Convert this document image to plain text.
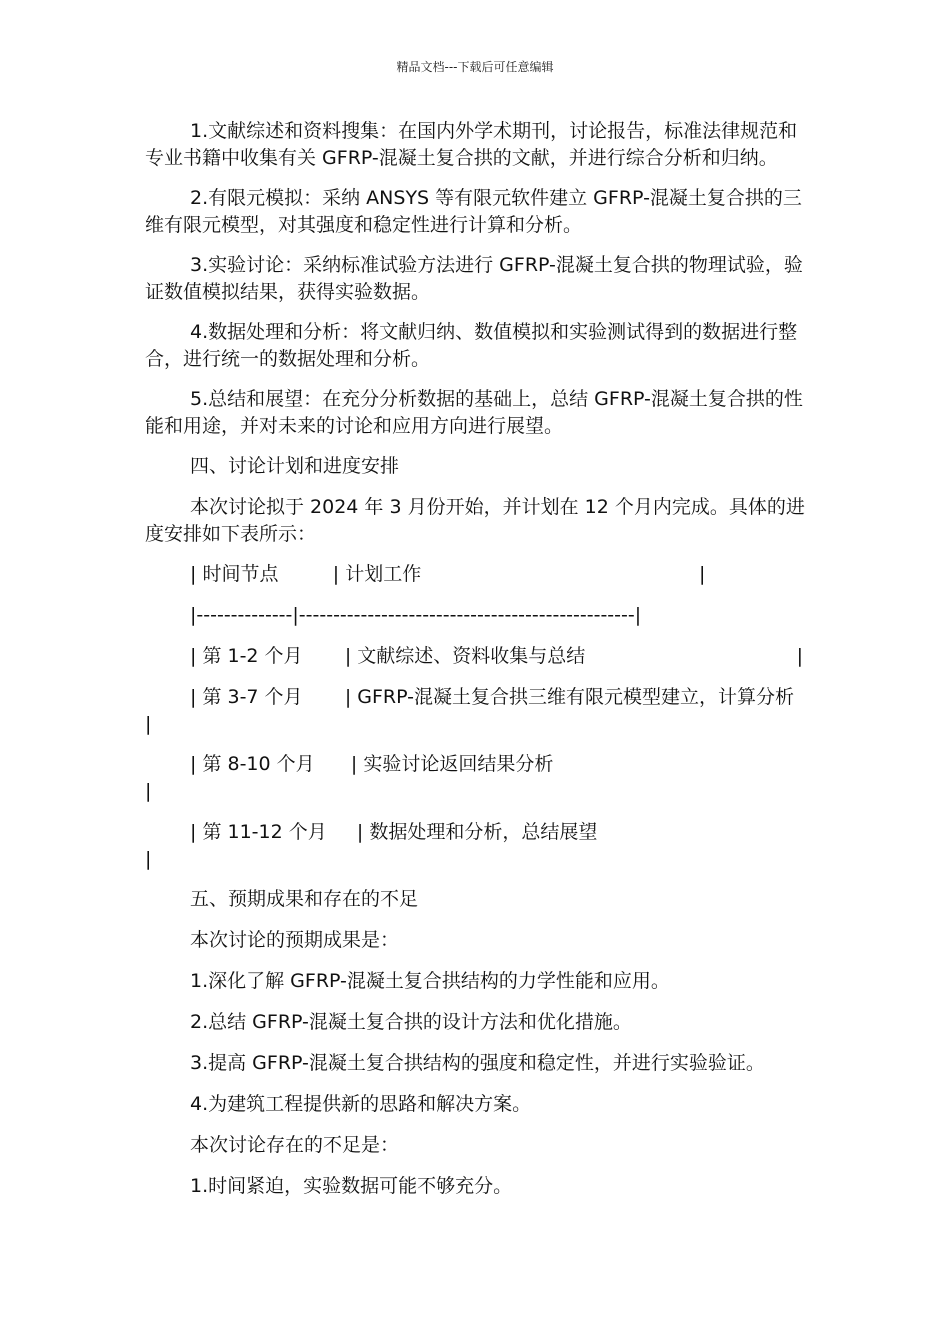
精品文档---下载后可任意编辑

1.文献综述和资料搜集：在国内外学术期刊，讨论报告，标准法律规范和专业书籍中收集有关 GFRP-混凝土复合拱的文献，并进行综合分析和归纳。

2.有限元模拟：采纳 ANSYS 等有限元软件建立 GFRP-混凝土复合拱的三维有限元模型，对其强度和稳定性进行计算和分析。

3.实验讨论：采纳标准试验方法进行 GFRP-混凝土复合拱的物理试验，验证数值模拟结果，获得实验数据。

4.数据处理和分析：将文献归纳、数值模拟和实验测试得到的数据进行整合，进行统一的数据处理和分析。

5.总结和展望：在充分分析数据的基础上，总结 GFRP-混凝土复合拱的性能和用途，并对未来的讨论和应用方向进行展望。

四、讨论计划和进度安排

本次讨论拟于 2024 年 3 月份开始，并计划在 12 个月内完成。具体的进度安排如下表所示：

| 时间节点         | 计划工作                                              |

|--------------|-------------------------------------------------|

| 第 1-2 个月       | 文献综述、资料收集与总结                                   |

| 第 3-7 个月       | GFRP-混凝土复合拱三维有限元模型建立，计算分析               |

| 第 8-10 个月      | 实验讨论返回结果分析                                           |

| 第 11-12 个月     | 数据处理和分析，总结展望                                            |

五、预期成果和存在的不足

本次讨论的预期成果是：

1.深化了解 GFRP-混凝土复合拱结构的力学性能和应用。

2.总结 GFRP-混凝土复合拱的设计方法和优化措施。

3.提高 GFRP-混凝土复合拱结构的强度和稳定性，并进行实验验证。

4.为建筑工程提供新的思路和解决方案。

本次讨论存在的不足是：

1.时间紧迫，实验数据可能不够充分。
